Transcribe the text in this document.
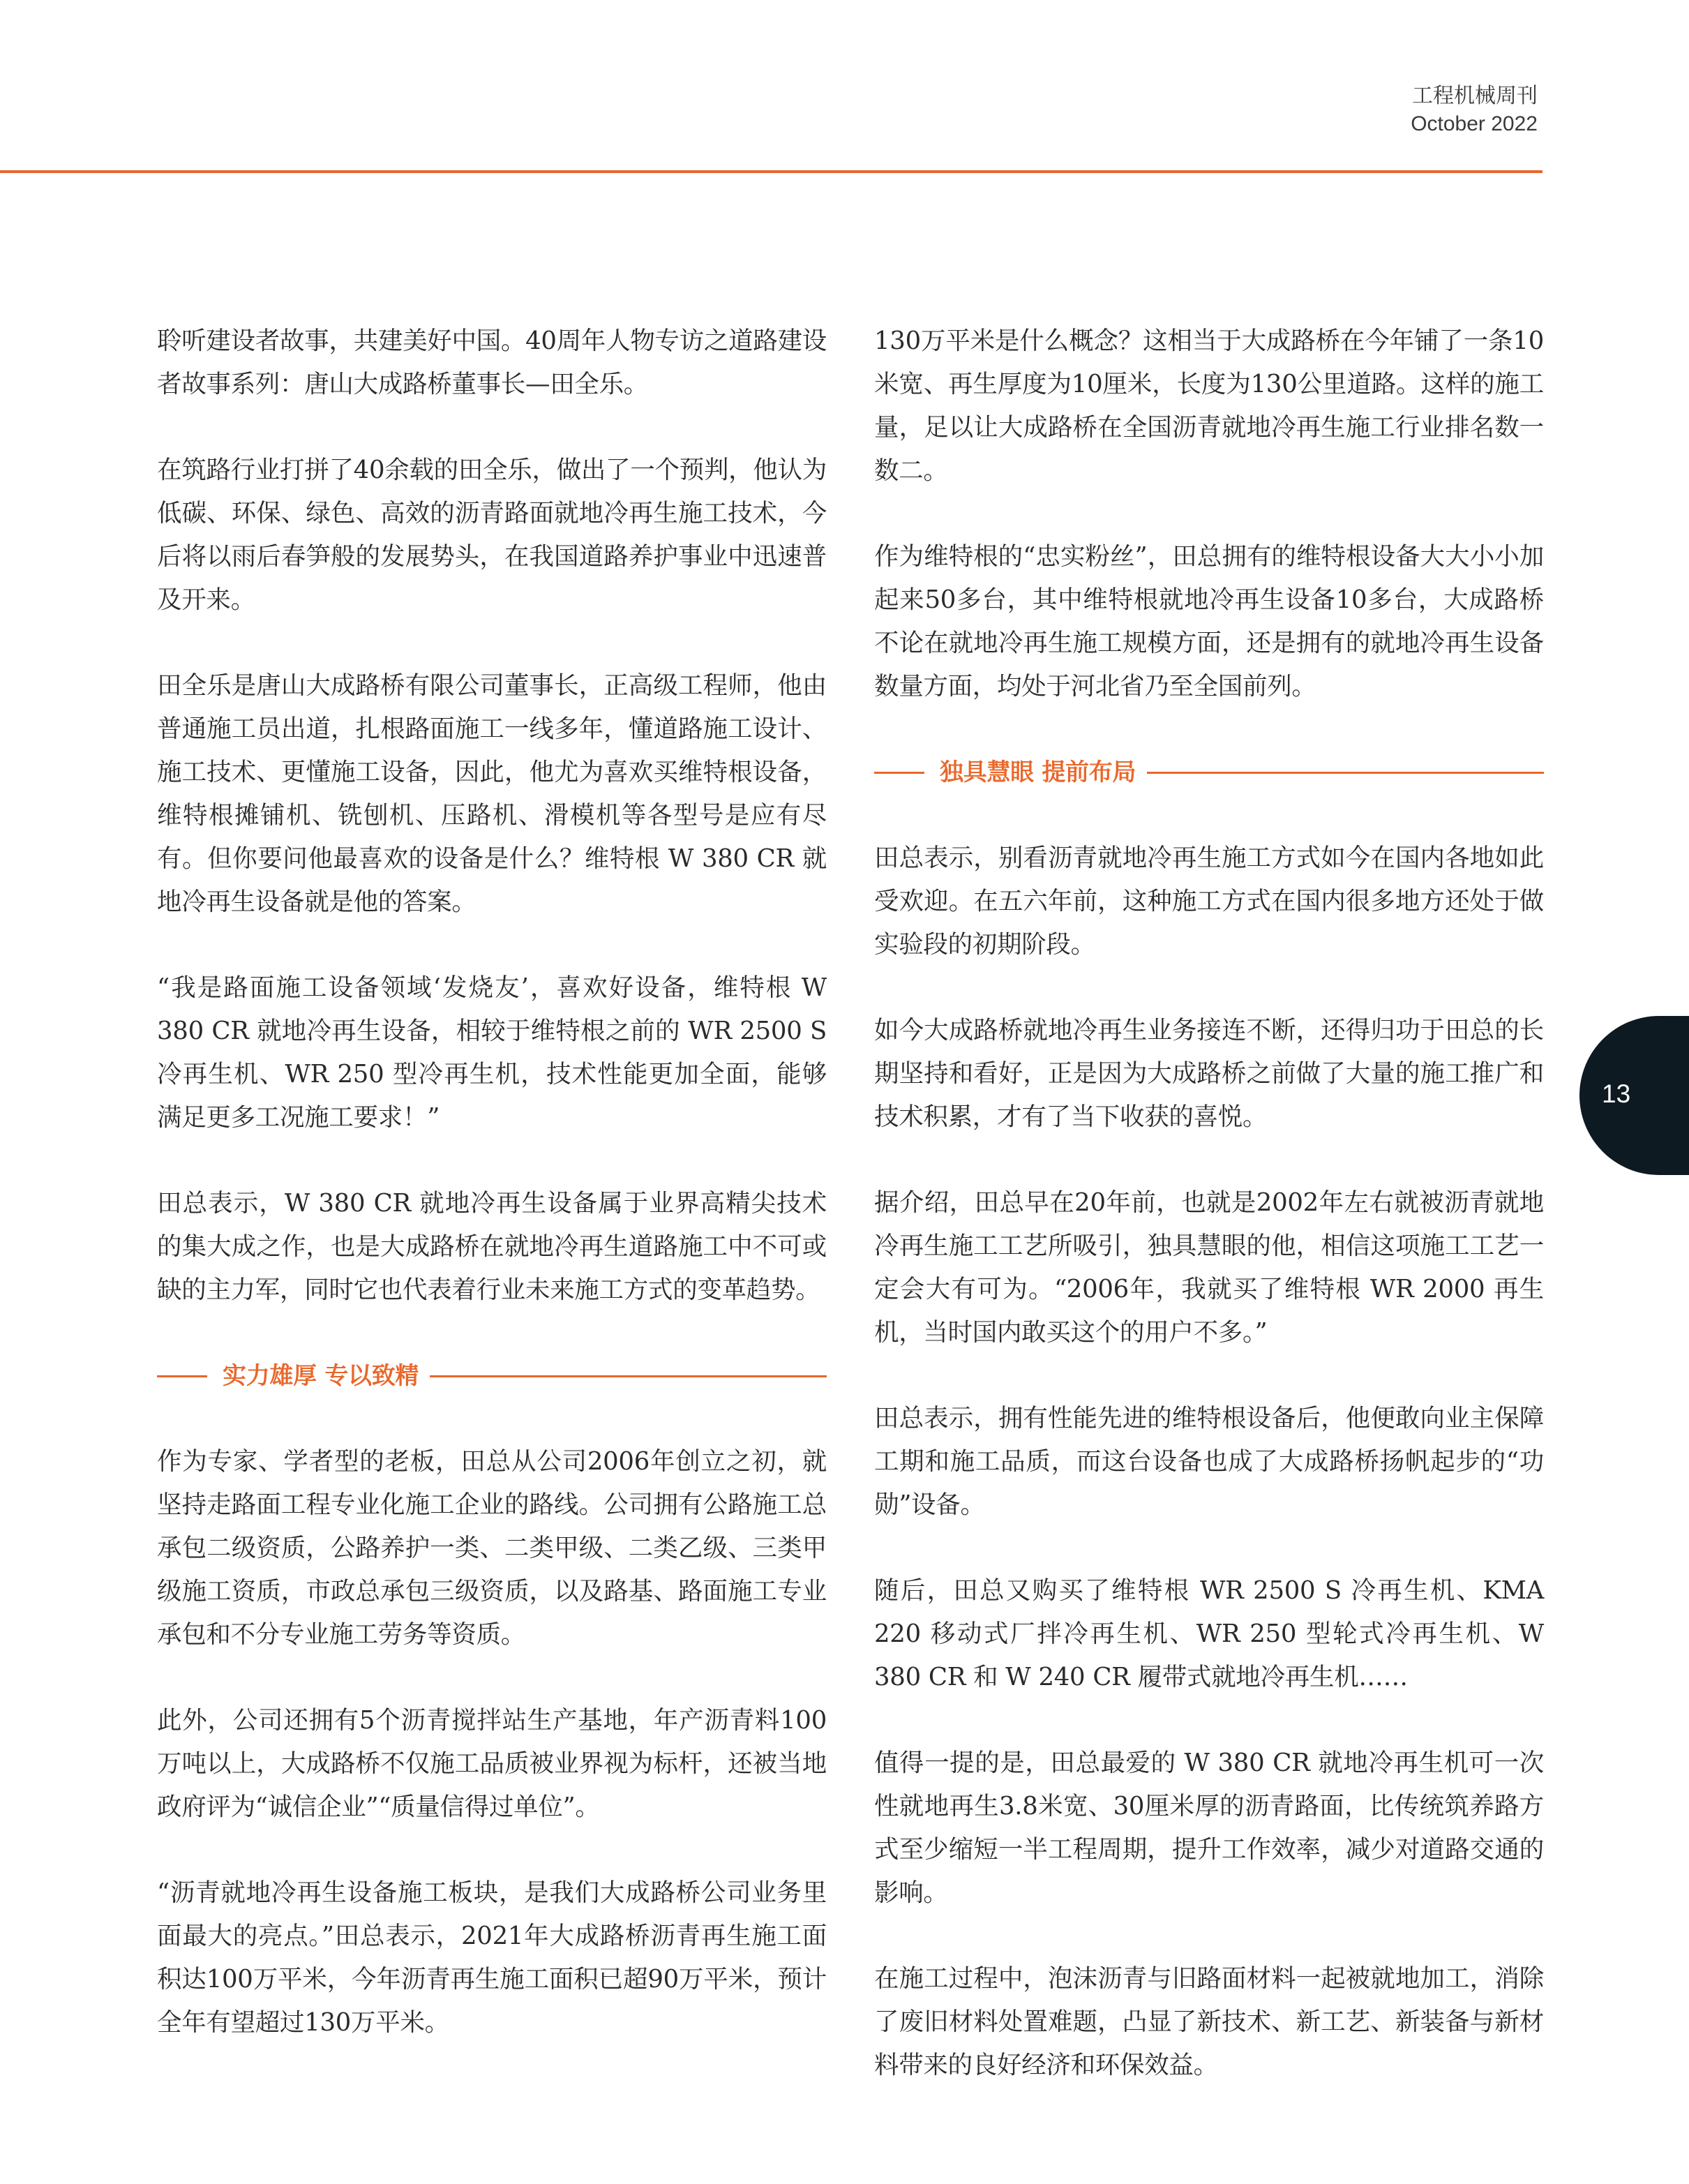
工程机械周刊
October 2022

聆听建设者故事，共建美好中国。40周年人物专访之道路建设者故事系列：唐山大成路桥董事长—田全乐。

在筑路行业打拼了40余载的田全乐，做出了一个预判，他认为低碳、环保、绿色、高效的沥青路面就地冷再生施工技术，今后将以雨后春笋般的发展势头，在我国道路养护事业中迅速普及开来。

田全乐是唐山大成路桥有限公司董事长，正高级工程师，他由普通施工员出道，扎根路面施工一线多年，懂道路施工设计、施工技术、更懂施工设备，因此，他尤为喜欢买维特根设备，维特根摊铺机、铣刨机、压路机、滑模机等各型号是应有尽有。但你要问他最喜欢的设备是什么？维特根 W 380 CR 就地冷再生设备就是他的答案。

“我是路面施工设备领域‘发烧友’，喜欢好设备，维特根 W 380 CR 就地冷再生设备，相较于维特根之前的 WR 2500 S 冷再生机、WR 250 型冷再生机，技术性能更加全面，能够满足更多工况施工要求！”

田总表示，W 380 CR 就地冷再生设备属于业界高精尖技术的集大成之作，也是大成路桥在就地冷再生道路施工中不可或缺的主力军，同时它也代表着行业未来施工方式的变革趋势。

实力雄厚 专以致精

作为专家、学者型的老板，田总从公司2006年创立之初，就坚持走路面工程专业化施工企业的路线。公司拥有公路施工总承包二级资质，公路养护一类、二类甲级、二类乙级、三类甲级施工资质，市政总承包三级资质，以及路基、路面施工专业承包和不分专业施工劳务等资质。

此外，公司还拥有5个沥青搅拌站生产基地，年产沥青料100万吨以上，大成路桥不仅施工品质被业界视为标杆，还被当地政府评为“诚信企业”“质量信得过单位”。

“沥青就地冷再生设备施工板块，是我们大成路桥公司业务里面最大的亮点。”田总表示，2021年大成路桥沥青再生施工面积达100万平米，今年沥青再生施工面积已超90万平米，预计全年有望超过130万平米。

130万平米是什么概念？这相当于大成路桥在今年铺了一条10米宽、再生厚度为10厘米，长度为130公里道路。这样的施工量，足以让大成路桥在全国沥青就地冷再生施工行业排名数一数二。

作为维特根的“忠实粉丝”，田总拥有的维特根设备大大小小加起来50多台，其中维特根就地冷再生设备10多台，大成路桥不论在就地冷再生施工规模方面，还是拥有的就地冷再生设备数量方面，均处于河北省乃至全国前列。

独具慧眼 提前布局

田总表示，别看沥青就地冷再生施工方式如今在国内各地如此受欢迎。在五六年前，这种施工方式在国内很多地方还处于做实验段的初期阶段。

如今大成路桥就地冷再生业务接连不断，还得归功于田总的长期坚持和看好，正是因为大成路桥之前做了大量的施工推广和技术积累，才有了当下收获的喜悦。

据介绍，田总早在20年前，也就是2002年左右就被沥青就地冷再生施工工艺所吸引，独具慧眼的他，相信这项施工工艺一定会大有可为。“2006年，我就买了维特根 WR 2000 再生机，当时国内敢买这个的用户不多。”

田总表示，拥有性能先进的维特根设备后，他便敢向业主保障工期和施工品质，而这台设备也成了大成路桥扬帆起步的“功勋”设备。

随后，田总又购买了维特根 WR 2500 S 冷再生机、KMA 220 移动式厂拌冷再生机、WR 250 型轮式冷再生机、W 380 CR 和 W 240 CR 履带式就地冷再生机……

值得一提的是，田总最爱的 W 380 CR 就地冷再生机可一次性就地再生3.8米宽、30厘米厚的沥青路面，比传统筑养路方式至少缩短一半工程周期，提升工作效率，减少对道路交通的影响。

在施工过程中，泡沫沥青与旧路面材料一起被就地加工，消除了废旧材料处置难题，凸显了新技术、新工艺、新装备与新材料带来的良好经济和环保效益。

13
